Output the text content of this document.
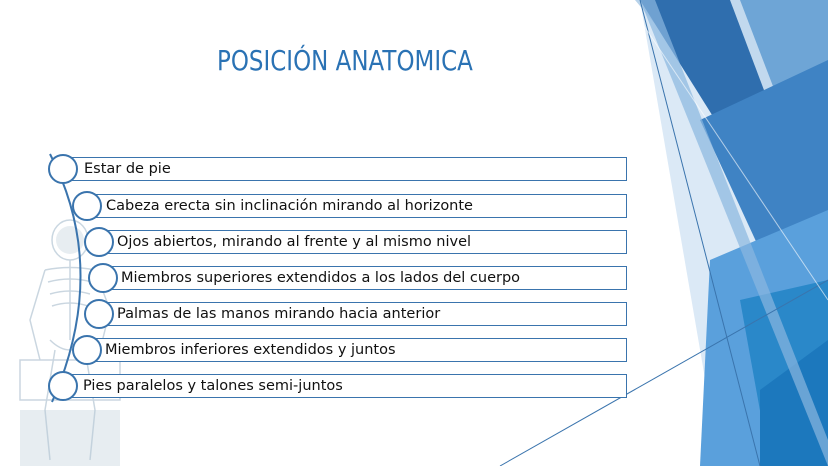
POSICIÓN ANATOMICA
Estar de pie
Cabeza erecta sin inclinación mirando al horizonte
Ojos abiertos, mirando al frente y al mismo nivel
Miembros superiores extendidos a los lados del cuerpo
Palmas de las manos mirando hacia anterior
Miembros inferiores extendidos y juntos
Pies paralelos y talones semi-juntos
